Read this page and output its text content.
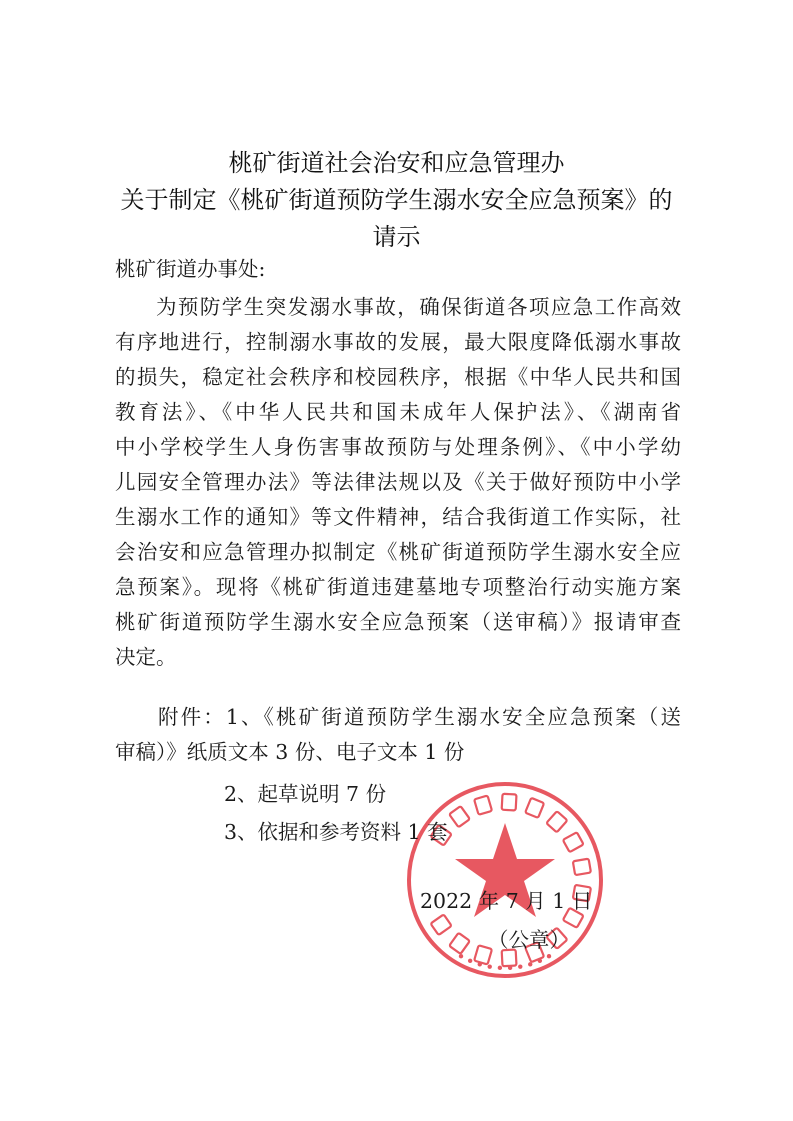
桃矿街道社会治安和应急管理办
关于制定《桃矿街道预防学生溺水安全应急预案》的
请示
桃矿街道办事处:
为预防学生突发溺水事故，确保街道各项应急工作高效
有序地进行，控制溺水事故的发展，最大限度降低溺水事故
的损失，稳定社会秩序和校园秩序，根据《中华人民共和国
教育法》、《中华人民共和国未成年人保护法》、《湖南省
中小学校学生人身伤害事故预防与处理条例》、《中小学幼
儿园安全管理办法》等法律法规以及《关于做好预防中小学
生溺水工作的通知》等文件精神，结合我街道工作实际，社
会治安和应急管理办拟制定《桃矿街道预防学生溺水安全应
急预案》。现将《桃矿街道违建墓地专项整治行动实施方案
桃矿街道预防学生溺水安全应急预案（送审稿）》报请审查
决定。
附件：1、《桃矿街道预防学生溺水安全应急预案（送
审稿）》纸质文本 3 份、电子文本 1 份
2、起草说明 7 份
3、依据和参考资料 1 套
2022 年 7 月 1 日
（公章）
